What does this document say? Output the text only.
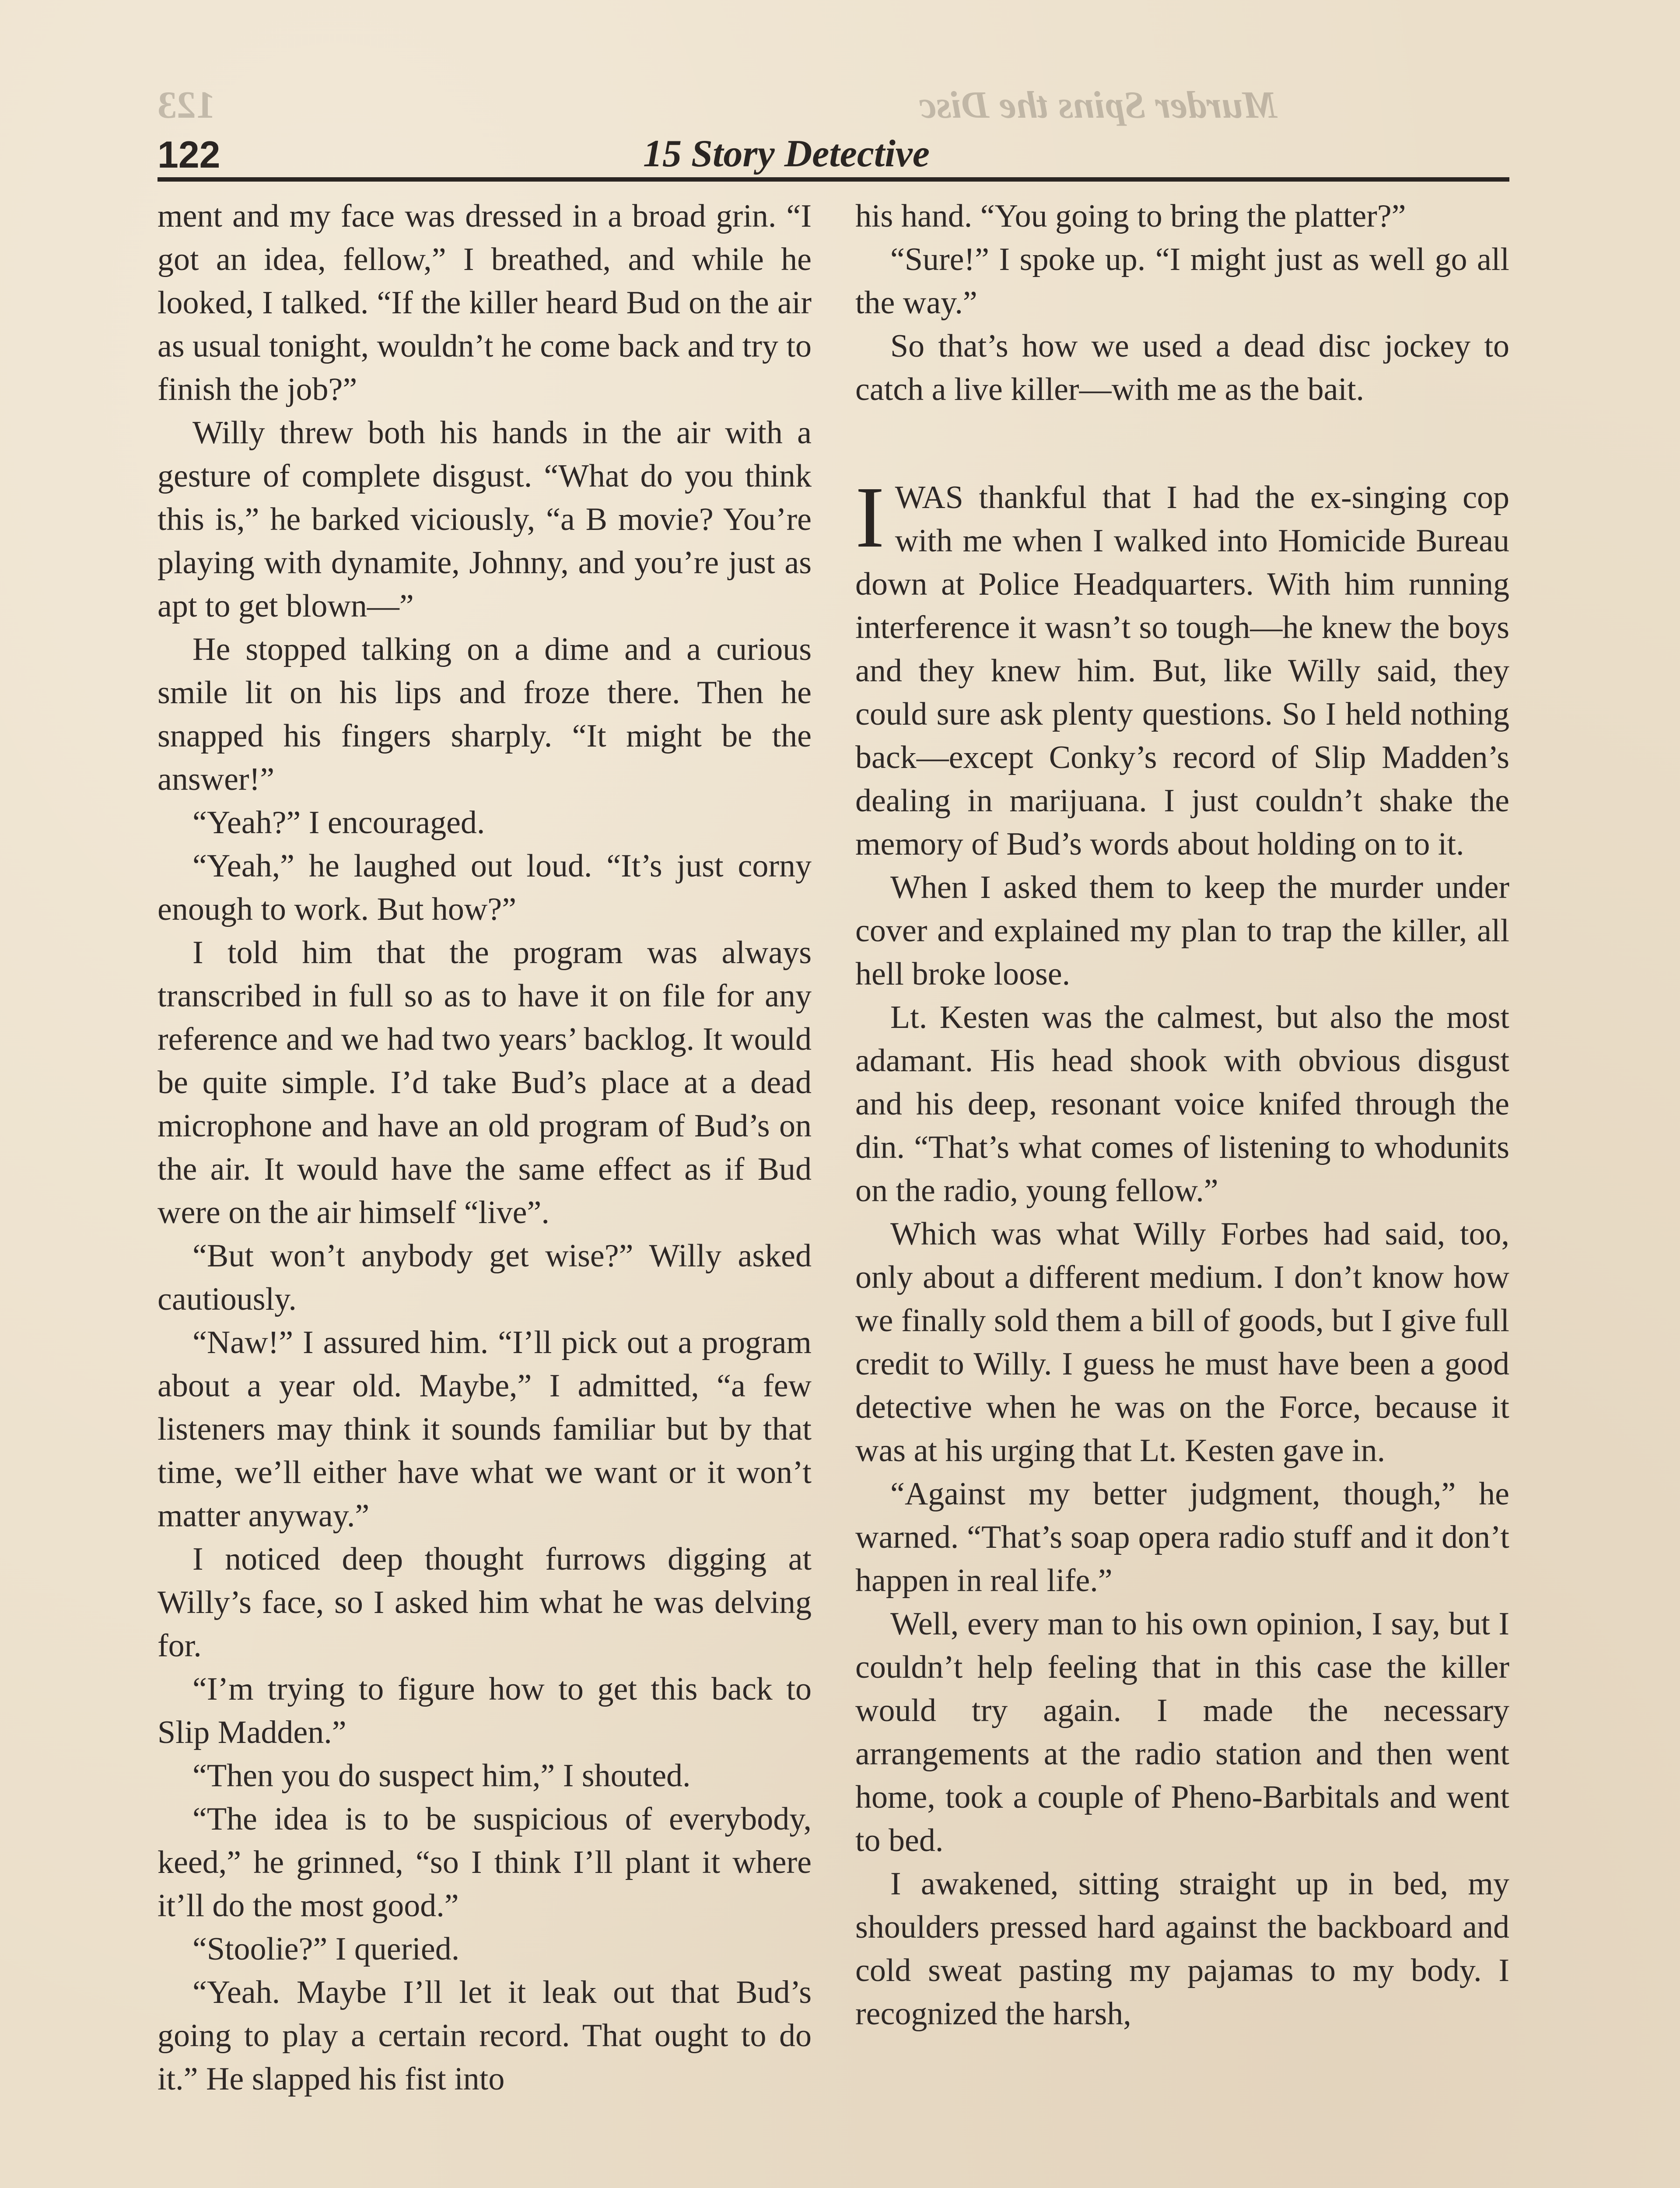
123	Murder Spins the Disc
122	15 Story Detective

ment and my face was dressed in a broad grin. “I got an idea, fellow,” I breathed, and while he looked, I talked. “If the killer heard Bud on the air as usual tonight, wouldn’t he come back and try to finish the job?”

Willy threw both his hands in the air with a gesture of complete disgust. “What do you think this is,” he barked viciously, “a B movie? You’re playing with dynamite, Johnny, and you’re just as apt to get blown—”

He stopped talking on a dime and a curious smile lit on his lips and froze there. Then he snapped his fingers sharply. “It might be the answer!”

“Yeah?” I encouraged.

“Yeah,” he laughed out loud. “It’s just corny enough to work. But how?”

I told him that the program was always transcribed in full so as to have it on file for any reference and we had two years’ backlog. It would be quite simple. I’d take Bud’s place at a dead microphone and have an old program of Bud’s on the air. It would have the same effect as if Bud were on the air himself “live”.

“But won’t anybody get wise?” Willy asked cautiously.

“Naw!” I assured him. “I’ll pick out a program about a year old. Maybe,” I admitted, “a few listeners may think it sounds familiar but by that time, we’ll either have what we want or it won’t matter anyway.”

I noticed deep thought furrows digging at Willy’s face, so I asked him what he was delving for.

“I’m trying to figure how to get this back to Slip Madden.”

“Then you do suspect him,” I shouted.

“The idea is to be suspicious of everybody, keed,” he grinned, “so I think I’ll plant it where it’ll do the most good.”

“Stoolie?” I queried.

“Yeah. Maybe I’ll let it leak out that Bud’s going to play a certain record. That ought to do it.” He slapped his fist into

his hand. “You going to bring the platter?”

“Sure!” I spoke up. “I might just as well go all the way.”

So that’s how we used a dead disc jockey to catch a live killer—with me as the bait.

IWAS thankful that I had the ex-singing cop with me when I walked into Homicide Bureau down at Police Headquarters. With him running interference it wasn’t so tough—he knew the boys and they knew him. But, like Willy said, they could sure ask plenty questions. So I held nothing back—except Conky’s record of Slip Madden’s dealing in marijuana. I just couldn’t shake the memory of Bud’s words about holding on to it.

When I asked them to keep the murder under cover and explained my plan to trap the killer, all hell broke loose.

Lt. Kesten was the calmest, but also the most adamant. His head shook with obvious disgust and his deep, resonant voice knifed through the din. “That’s what comes of listening to whodunits on the radio, young fellow.”

Which was what Willy Forbes had said, too, only about a different medium. I don’t know how we finally sold them a bill of goods, but I give full credit to Willy. I guess he must have been a good detective when he was on the Force, because it was at his urging that Lt. Kesten gave in.

“Against my better judgment, though,” he warned. “That’s soap opera radio stuff and it don’t happen in real life.”

Well, every man to his own opinion, I say, but I couldn’t help feeling that in this case the killer would try again. I made the necessary arrangements at the radio station and then went home, took a couple of Pheno-Barbitals and went to bed.

I awakened, sitting straight up in bed, my shoulders pressed hard against the backboard and cold sweat pasting my pajamas to my body. I recognized the harsh,
